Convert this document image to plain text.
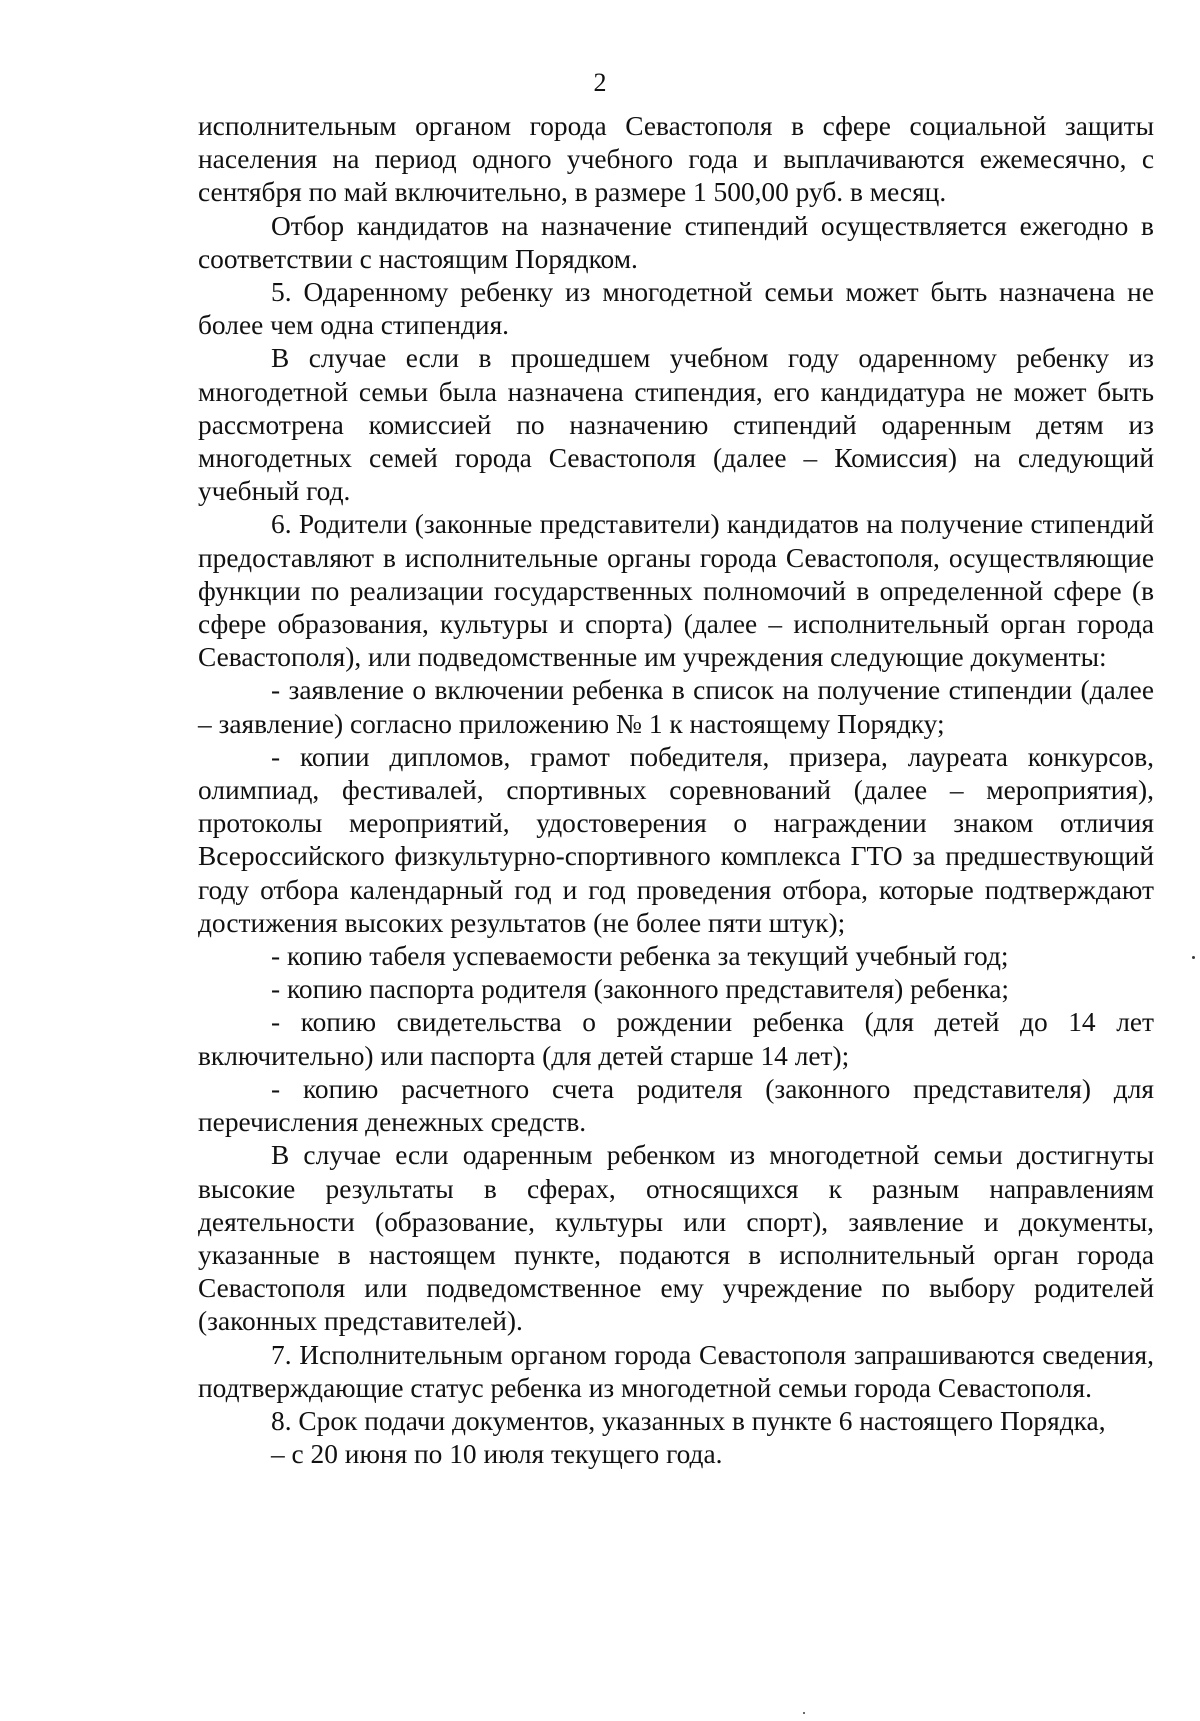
2

исполнительным органом города Севастополя в сфере социальной защиты населения на период одного учебного года и выплачиваются ежемесячно, с сентября по май включительно, в размере 1 500,00 руб. в месяц.

Отбор кандидатов на назначение стипендий осуществляется ежегодно в соответствии с настоящим Порядком.

5. Одаренному ребенку из многодетной семьи может быть назначена не более чем одна стипендия.

В случае если в прошедшем учебном году одаренному ребенку из многодетной семьи была назначена стипендия, его кандидатура не может быть рассмотрена комиссией по назначению стипендий одаренным детям из многодетных семей города Севастополя (далее – Комиссия) на следующий учебный год.

6. Родители (законные представители) кандидатов на получение стипендий предоставляют в исполнительные органы города Севастополя, осуществляющие функции по реализации государственных полномочий в определенной сфере (в сфере образования, культуры и спорта) (далее – исполнительный орган города Севастополя), или подведомственные им учреждения следующие документы:

- заявление о включении ребенка в список на получение стипендии (далее – заявление) согласно приложению № 1 к настоящему Порядку;

- копии дипломов, грамот победителя, призера, лауреата конкурсов, олимпиад, фестивалей, спортивных соревнований (далее – мероприятия), протоколы мероприятий, удостоверения о награждении знаком отличия Всероссийского физкультурно-спортивного комплекса ГТО за предшествующий году отбора календарный год и год проведения отбора, которые подтверждают достижения высоких результатов (не более пяти штук);

- копию табеля успеваемости ребенка за текущий учебный год;

- копию паспорта родителя (законного представителя) ребенка;

- копию свидетельства о рождении ребенка (для детей до 14 лет включительно) или паспорта (для детей старше 14 лет);

- копию расчетного счета родителя (законного представителя) для перечисления денежных средств.

В случае если одаренным ребенком из многодетной семьи достигнуты высокие результаты в сферах, относящихся к разным направлениям деятельности (образование, культуры или спорт), заявление и документы, указанные в настоящем пункте, подаются в исполнительный орган города Севастополя или подведомственное ему учреждение по выбору родителей (законных представителей).

7. Исполнительным органом города Севастополя запрашиваются сведения, подтверждающие статус ребенка из многодетной семьи города Севастополя.

8. Срок подачи документов, указанных в пункте 6 настоящего Порядка,

– с 20 июня по 10 июля текущего года.
